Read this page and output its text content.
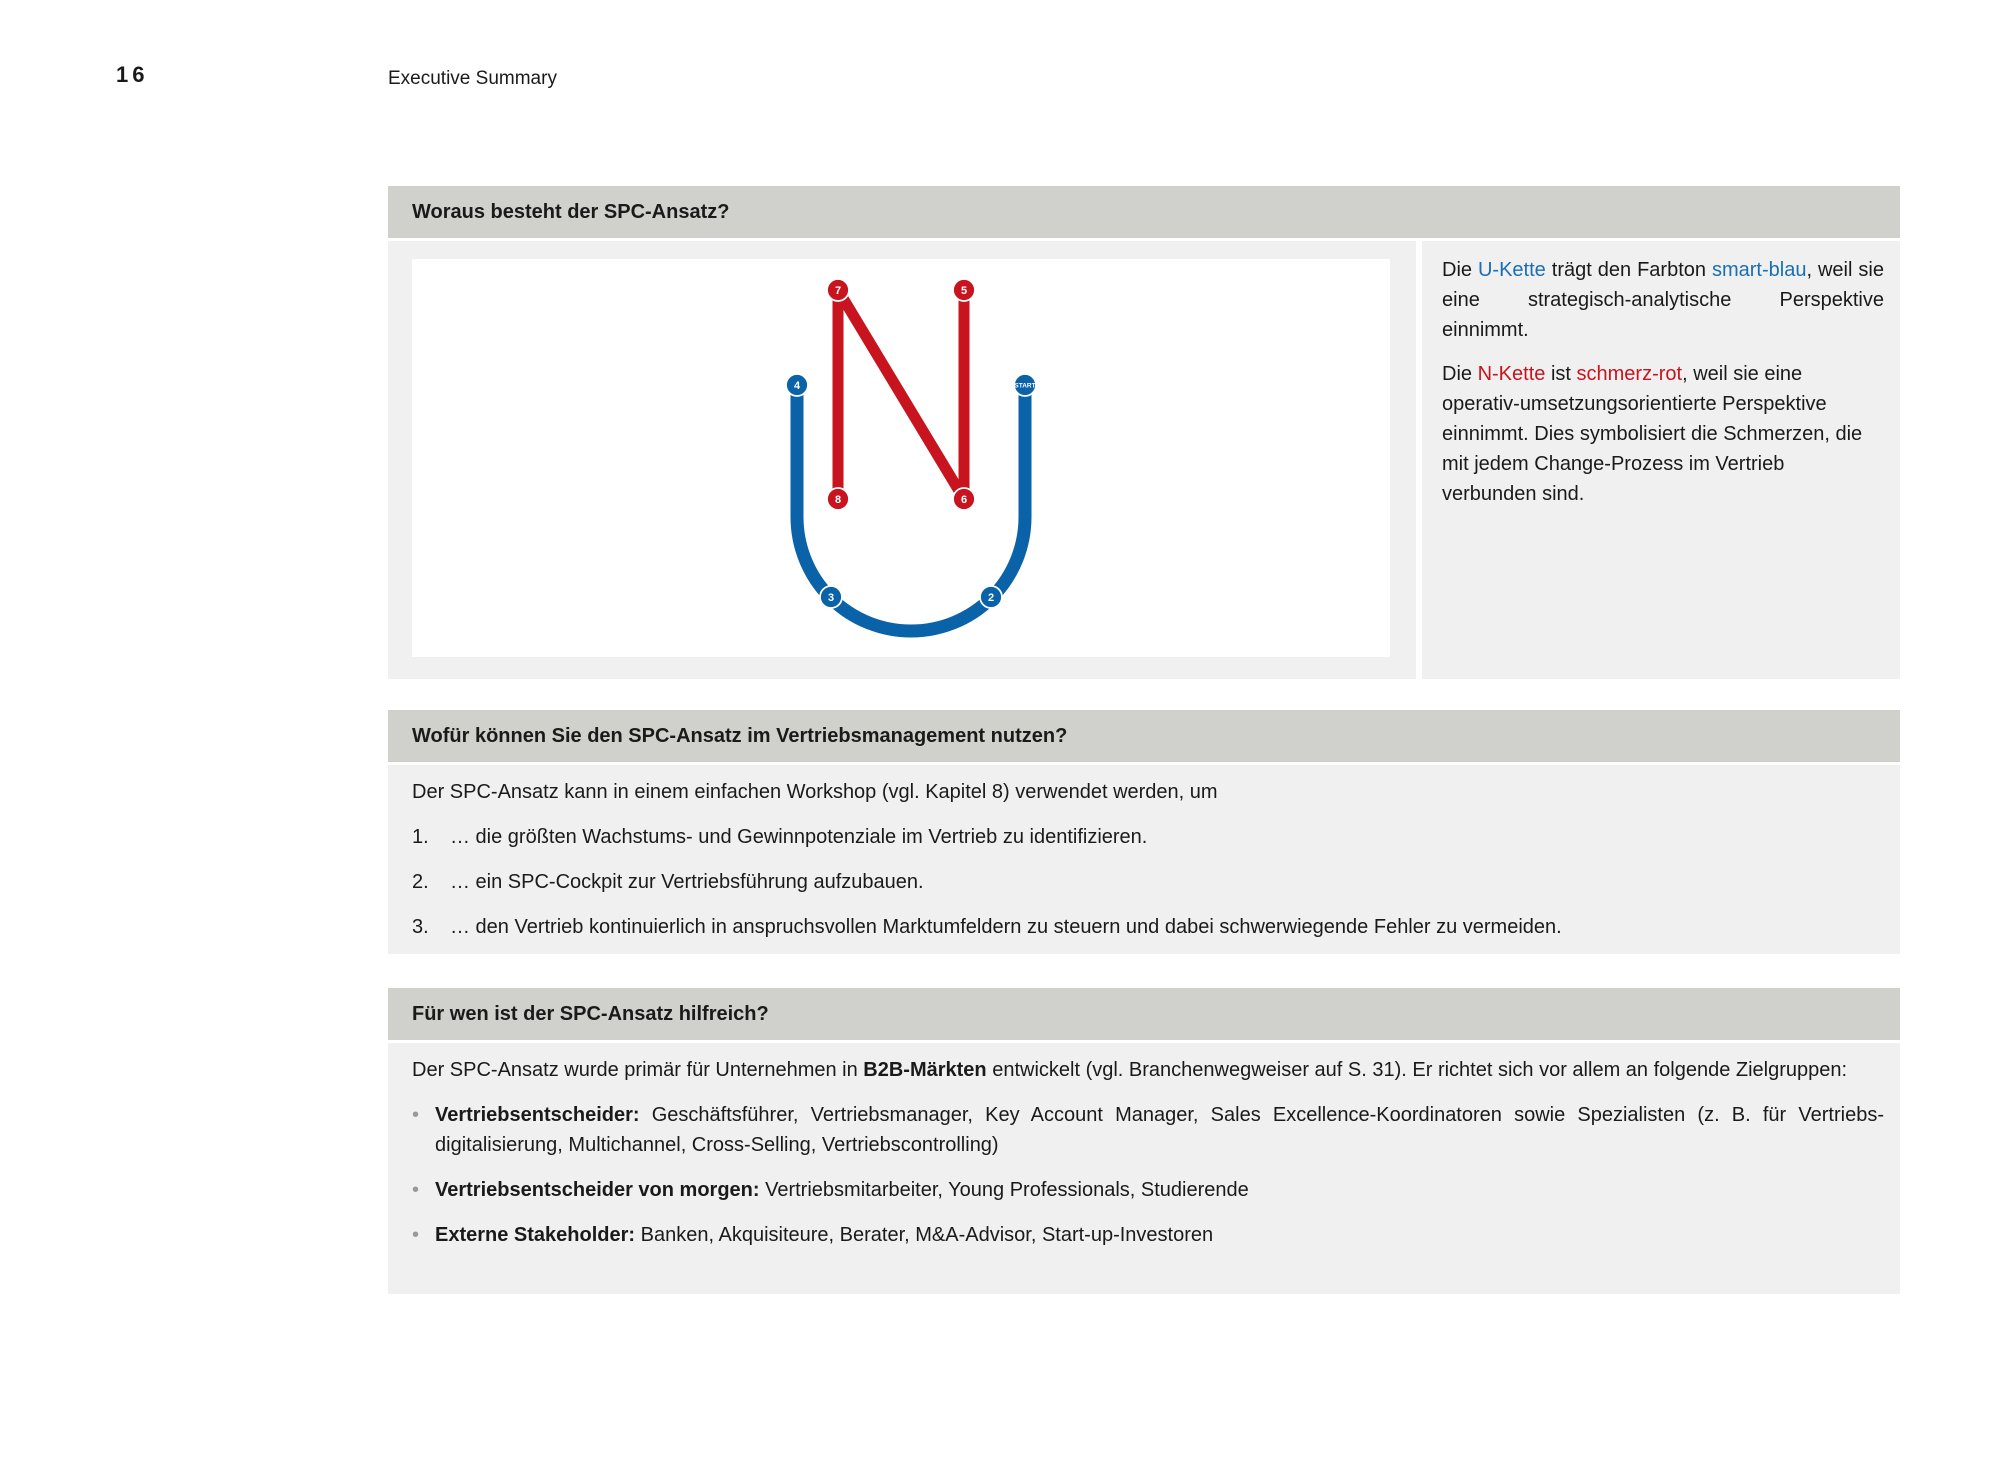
16	Executive Summary
Woraus besteht der SPC-Ansatz?
START
2
3
4
5
6
7
8

Die U-Kette trägt den Farbton smart-blau, weil sie eine strategisch-analytische Perspektive einnimmt.

Die N-Kette ist schmerz-rot, weil sie eine operativ-umsetzungsorientierte Perspektive einnimmt. Dies symbolisiert die Schmerzen, die mit jedem Change-Prozess im Vertrieb verbunden sind.

Wofür können Sie den SPC-Ansatz im Vertriebsmanagement nutzen?
Der SPC-Ansatz kann in einem einfachen Workshop (vgl. Kapitel 8) verwendet werden, um
1.	… die größten Wachstums- und Gewinnpotenziale im Vertrieb zu identifizieren.
2.	… ein SPC-Cockpit zur Vertriebsführung aufzubauen.
3.	… den Vertrieb kontinuierlich in anspruchsvollen Marktumfeldern zu steuern und dabei schwerwiegende Fehler zu vermeiden.
Für wen ist der SPC-Ansatz hilfreich?
Der SPC-Ansatz wurde primär für Unternehmen in B2B-Märkten entwickelt (vgl. Branchenwegweiser auf S. 31). Er richtet sich vor allem an folgende Zielgruppen:
• Vertriebsentscheider: Geschäftsführer, Vertriebsmanager, Key Account Manager, Sales Excellence-Koordinatoren sowie Spezialisten (z. B. für Vertriebsdigitalisierung, Multichannel, Cross-Selling, Vertriebscontrolling)
• Vertriebsentscheider von morgen: Vertriebsmitarbeiter, Young Professionals, Studierende
• Externe Stakeholder: Banken, Akquisiteure, Berater, M&A-Advisor, Start-up-Investoren
